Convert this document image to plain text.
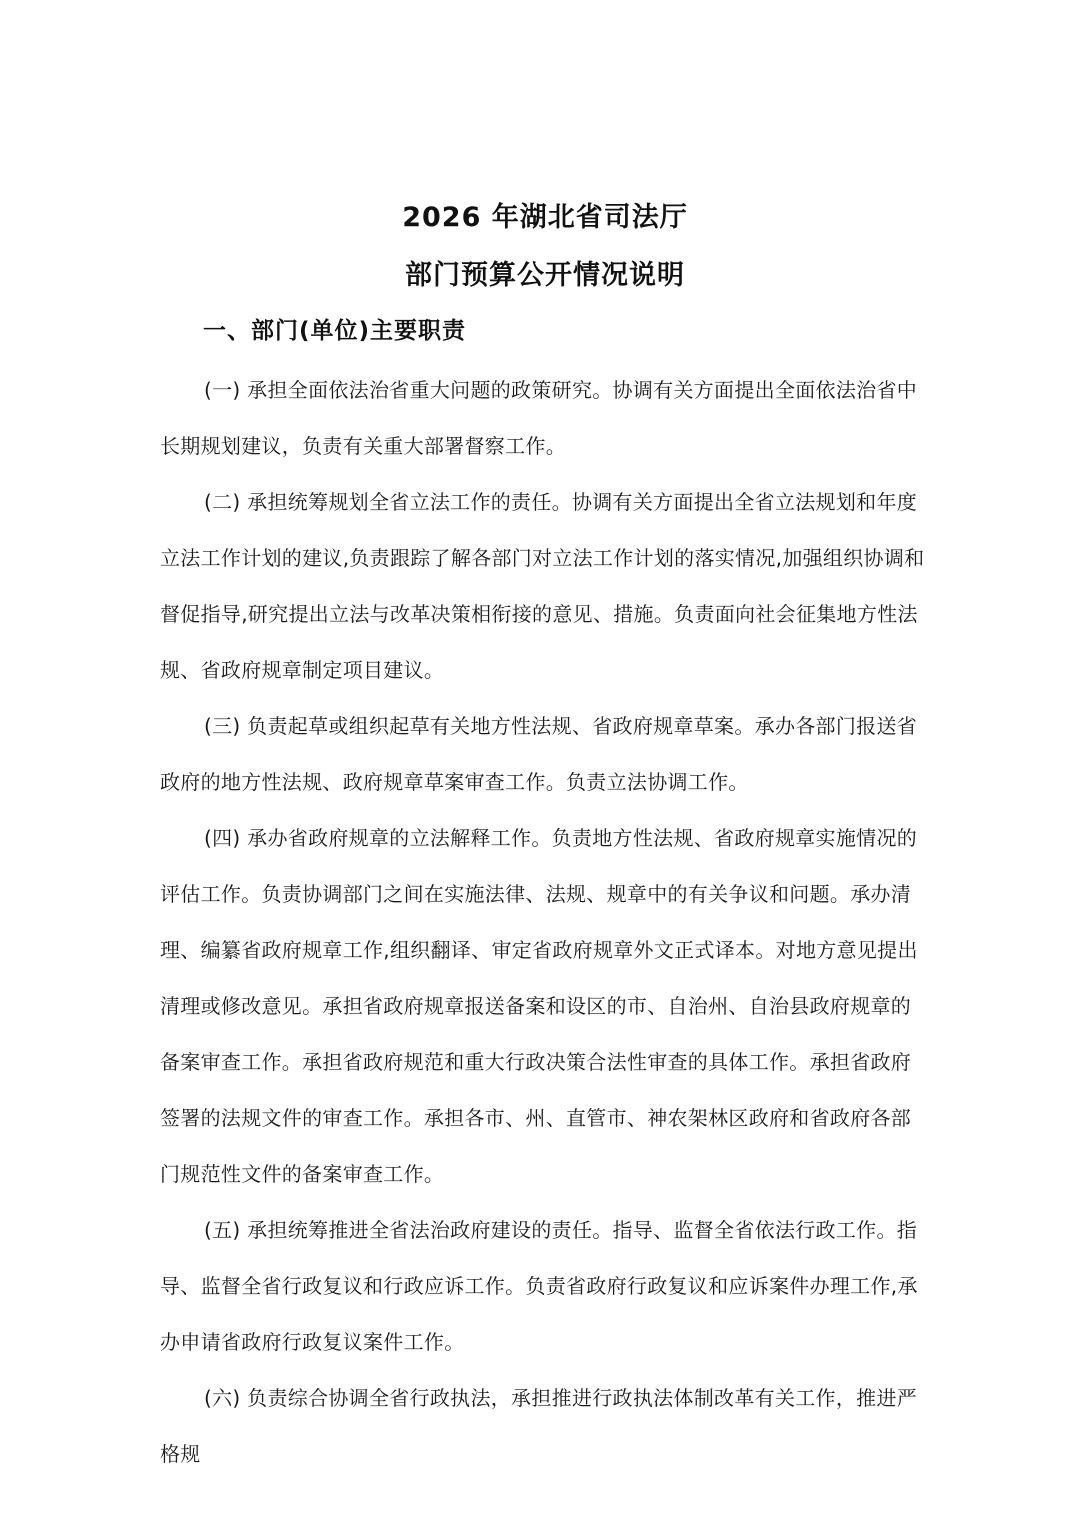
2026 年湖北省司法厅
部门预算公开情况说明
一、部门(单位)主要职责

(一) 承担全面依法治省重大问题的政策研究。协调有关方面提出全面依法治省中长期规划建议，负责有关重大部署督察工作。

(二) 承担统筹规划全省立法工作的责任。协调有关方面提出全省立法规划和年度立法工作计划的建议,负责跟踪了解各部门对立法工作计划的落实情况,加强组织协调和督促指导,研究提出立法与改革决策相衔接的意见、措施。负责面向社会征集地方性法规、省政府规章制定项目建议。

(三) 负责起草或组织起草有关地方性法规、省政府规章草案。承办各部门报送省政府的地方性法规、政府规章草案审查工作。负责立法协调工作。

(四) 承办省政府规章的立法解释工作。负责地方性法规、省政府规章实施情况的评估工作。负责协调部门之间在实施法律、法规、规章中的有关争议和问题。承办清理、编纂省政府规章工作,组织翻译、审定省政府规章外文正式译本。对地方意见提出清理或修改意见。承担省政府规章报送备案和设区的市、自治州、自治县政府规章的备案审查工作。承担省政府规范和重大行政决策合法性审查的具体工作。承担省政府签署的法规文件的审查工作。承担各市、州、直管市、神农架林区政府和省政府各部门规范性文件的备案审查工作。

(五) 承担统筹推进全省法治政府建设的责任。指导、监督全省依法行政工作。指导、监督全省行政复议和行政应诉工作。负责省政府行政复议和应诉案件办理工作,承办申请省政府行政复议案件工作。

(六) 负责综合协调全省行政执法，承担推进行政执法体制改革有关工作，推进严格规
